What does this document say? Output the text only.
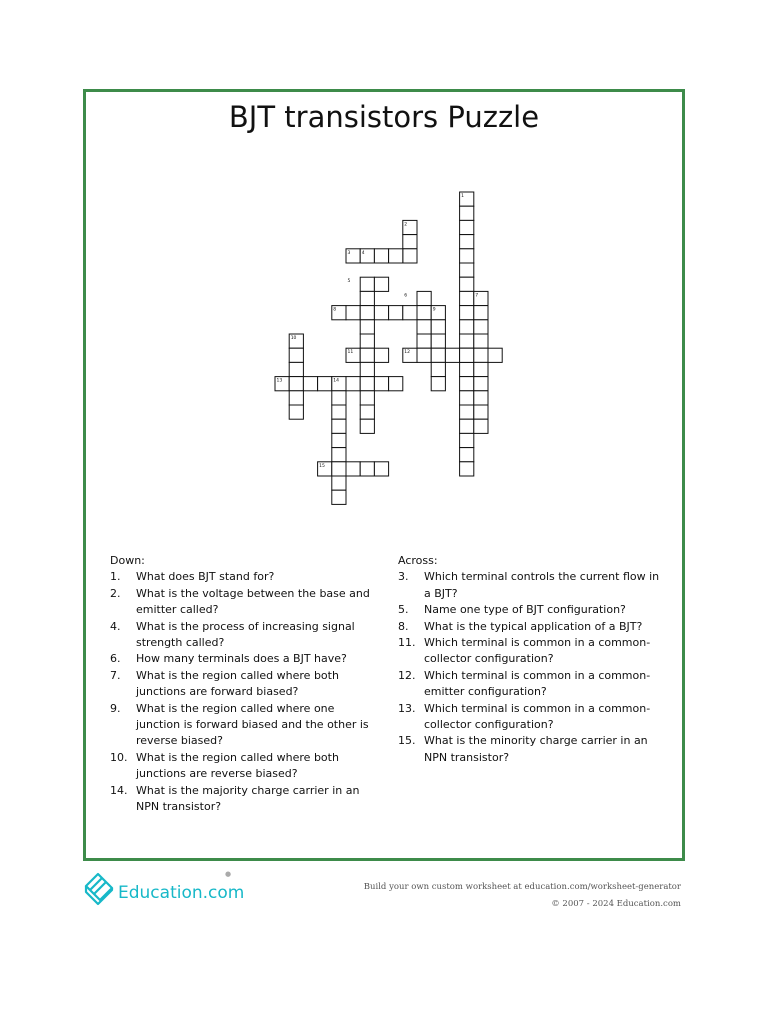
BJT transistors Puzzle
1
2
3	4
5
6	7
8	9
10
11	12
13	14
15
Down:
1.	What does BJT stand for?
2.	What is the voltage between the base and emitter called?
4.	What is the process of increasing signal strength called?
6.	How many terminals does a BJT have?
7.	What is the region called where both junctions are forward biased?
9.	What is the region called where one junction is forward biased and the other is reverse biased?
10. What is the region called where both junctions are reverse biased?
14. What is the majority charge carrier in an NPN transistor?
Across:
3.	Which terminal controls the current flow in a BJT?
5.	Name one type of BJT configuration?
8.	What is the typical application of a BJT?
11. Which terminal is common in a common-collector configuration?
12. Which terminal is common in a common-emitter configuration?
13. Which terminal is common in a common-collector configuration?
15. What is the minority charge carrier in an NPN transistor?
Education.com
●
Build your own custom worksheet at education.com/worksheet-generator
© 2007 - 2024 Education.com
